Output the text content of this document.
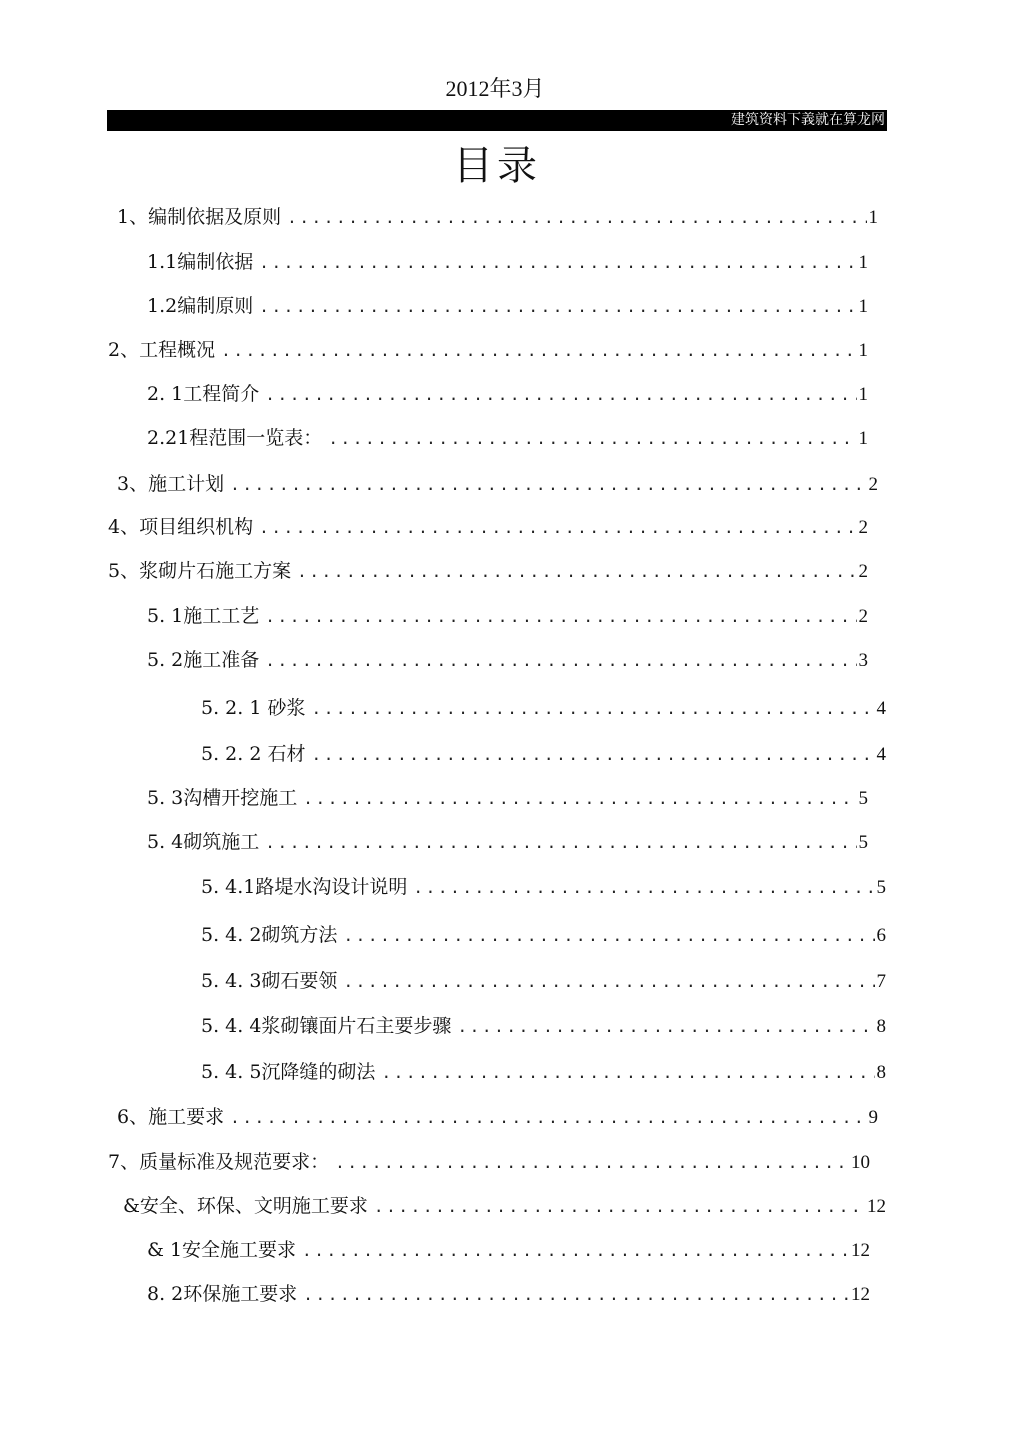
2012年3月
建筑资料下義就在算龙网
目录
1、编制依据及原则 .....	1
1.1编制依据 .....	1
1.2编制原则 .....	1
2、工程概况 .....	1
2. 1工程简介 .....	1
2.21程范围一览表： .....	1
3、施工计划 .....	2
4、项目组织机构 .....	2
5、浆砌片石施工方案 .....	2
5. 1施工工艺 .....	2
5. 2施工准备 .....	3
5. 2. 1 砂浆 .....	4
5. 2. 2 石材 .....	4
5. 3沟槽开挖施工 .....	5
5. 4砌筑施工 .....	5
5. 4.1路堤水沟设计说明 .....	5
5. 4. 2砌筑方法 .....	6
5. 4. 3砌石要领 .....	7
5. 4. 4浆砌镶面片石主要步骤 .....	8
5. 4. 5沉降缝的砌法 .....	8
6、施工要求 .....	9
7、质量标准及规范要求： .....	10
&安全、环保、文明施工要求 .....	12
& 1安全施工要求 .....	12
8. 2环保施工要求 .....	12
